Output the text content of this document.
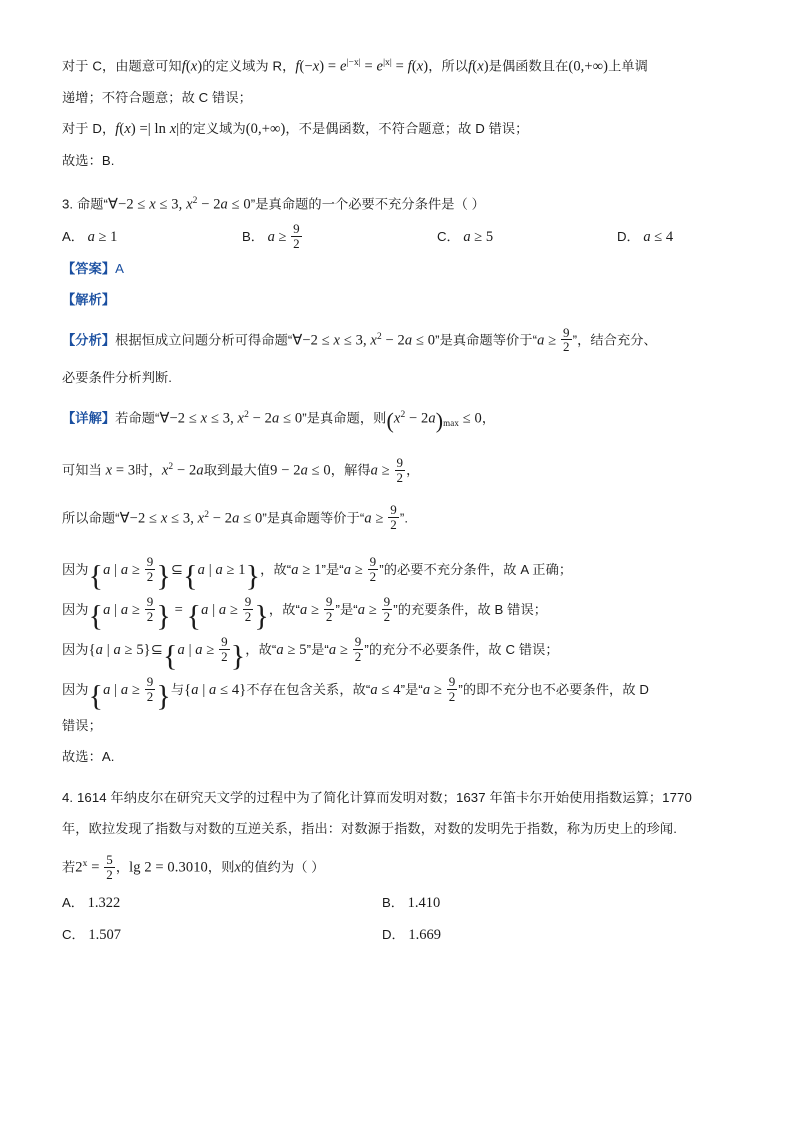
对于 C，由题意可知f(x)的定义域为 R，$f(-x) = e^{|-x|} = e^{|x|} = f(x)$，所以f(x)是偶函数且在(0,+∞)上单调
递增；不符合题意；故 C 错误；
对于 D，f(x) =| ln x|的定义域为(0,+∞)，不是偶函数，不符合题意；故 D 错误；
故选：B.
3. 命题“∀−2 ≤ x ≤ 3, $x^2 - 2a \le 0$”是真命题的一个必要不充分条件是（ ）
A． a ≥ 1	B． $a \ge \frac{9}{2}$	C． a ≥ 5	D． a ≤ 4
【答案】A
【解析】
【分析】根据恒成立问题分析可得命题“∀−2 ≤ x ≤ 3, $x^2 - 2a \le 0$”是真命题等价于“$a \ge \frac{9}{2}$ ”，结合充分、
必要条件分析判断.
【详解】若命题“∀−2 ≤ x ≤ 3, $x^2 - 2a \le 0$”是真命题，则$(x^2 - 2a)_{max} \le 0$，
可知当 x = 3时，$x^2 - 2a$取到最大值9 − 2a ≤ 0，解得$a \ge \frac{9}{2}$ ，
所以命题“∀−2 ≤ x ≤ 3, $x^2 - 2a \le 0$”是真命题等价于“$a \ge \frac{9}{2}$ ”.
因为{a | $a \ge \frac{9}{2}$ }⊆{a | a ≥ 1}，故“a ≥ 1”是“$a \ge \frac{9}{2}$ ”的必要不充分条件，故 A 正确；
因为{a | $a \ge \frac{9}{2}$ } = {a | $a \ge \frac{9}{2}$ }，故“$a \ge \frac{9}{2}$ ”是“$a \ge \frac{9}{2}$ ”的充要条件，故 B 错误；
因为{a | a ≥ 5}⊆{a | $a \ge \frac{9}{2}$ }，故“a ≥ 5”是“$a \ge \frac{9}{2}$ ”的充分不必要条件，故 C 错误；
因为{a | $a \ge \frac{9}{2}$ }与{a | a ≤ 4}不存在包含关系，故“a ≤ 4”是“$a \ge \frac{9}{2}$ ”的即不充分也不必要条件，故 D
错误；
故选：A.
4. 1614 年纳皮尔在研究天文学的过程中为了简化计算而发明对数；1637 年笛卡尔开始使用指数运算；1770
年，欧拉发现了指数与对数的互逆关系，指出：对数源于指数，对数的发明先于指数，称为历史上的珍闻.
若$2^x = \frac{5}{2}$ ，lg 2 = 0.3010，则x的值约为（ ）
A． 1.322	B． 1.410
C． 1.507	D． 1.669
